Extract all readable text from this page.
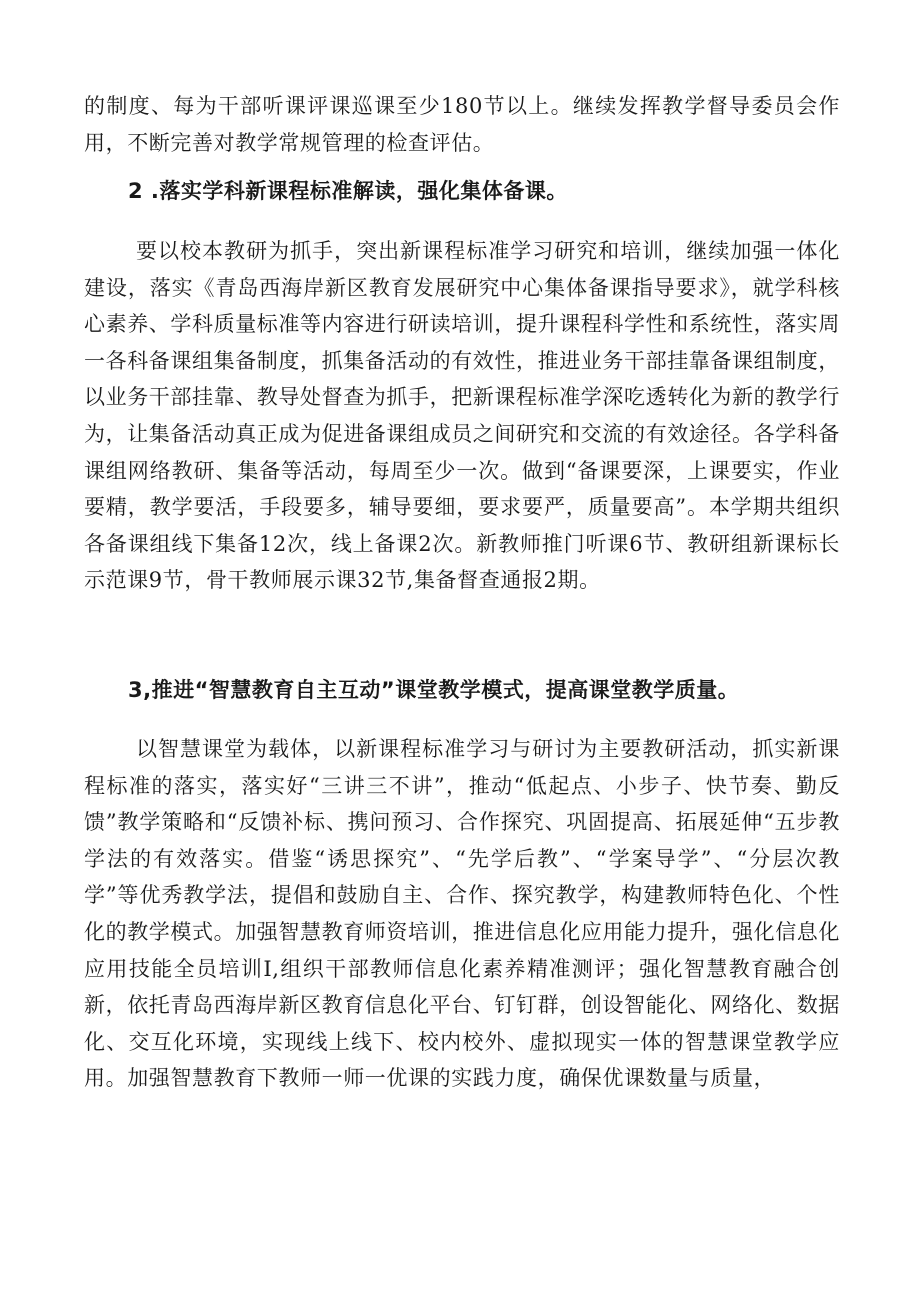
的制度、每为干部听课评课巡课至少180节以上。继续发挥教学督导委员会作用，不断完善对教学常规管理的检查评估。

2 .落实学科新课程标准解读，强化集体备课。

要以校本教研为抓手，突出新课程标准学习研究和培训，继续加强一体化建设，落实《青岛西海岸新区教育发展研究中心集体备课指导要求》，就学科核心素养、学科质量标准等内容进行研读培训，提升课程科学性和系统性，落实周一各科备课组集备制度，抓集备活动的有效性，推进业务干部挂靠备课组制度，以业务干部挂靠、教导处督查为抓手，把新课程标准学深吃透转化为新的教学行为，让集备活动真正成为促进备课组成员之间研究和交流的有效途径。各学科备课组网络教研、集备等活动，每周至少一次。做到“备课要深，上课要实，作业要精，教学要活，手段要多，辅导要细，要求要严，质量要高”。本学期共组织各备课组线下集备12次，线上备课2次。新教师推门听课6节、教研组新课标长示范课9节，骨干教师展示课32节,集备督查通报2期。

3,推进“智慧教育自主互动”课堂教学模式，提高课堂教学质量。

以智慧课堂为载体，以新课程标准学习与研讨为主要教研活动，抓实新课程标准的落实，落实好“三讲三不讲”，推动“低起点、小步子、快节奏、勤反馈”教学策略和“反馈补标、携问预习、合作探究、巩固提高、拓展延伸“五步教学法的有效落实。借鉴“诱思探究”、“先学后教”、“学案导学”、“分层次教学”等优秀教学法，提倡和鼓励自主、合作、探究教学，构建教师特色化、个性化的教学模式。加强智慧教育师资培训，推进信息化应用能力提升，强化信息化应用技能全员培训I,组织干部教师信息化素养精准测评；强化智慧教育融合创新，依托青岛西海岸新区教育信息化平台、钉钉群，创设智能化、网络化、数据化、交互化环境，实现线上线下、校内校外、虚拟现实一体的智慧课堂教学应用。加强智慧教育下教师一师一优课的实践力度，确保优课数量与质量，
